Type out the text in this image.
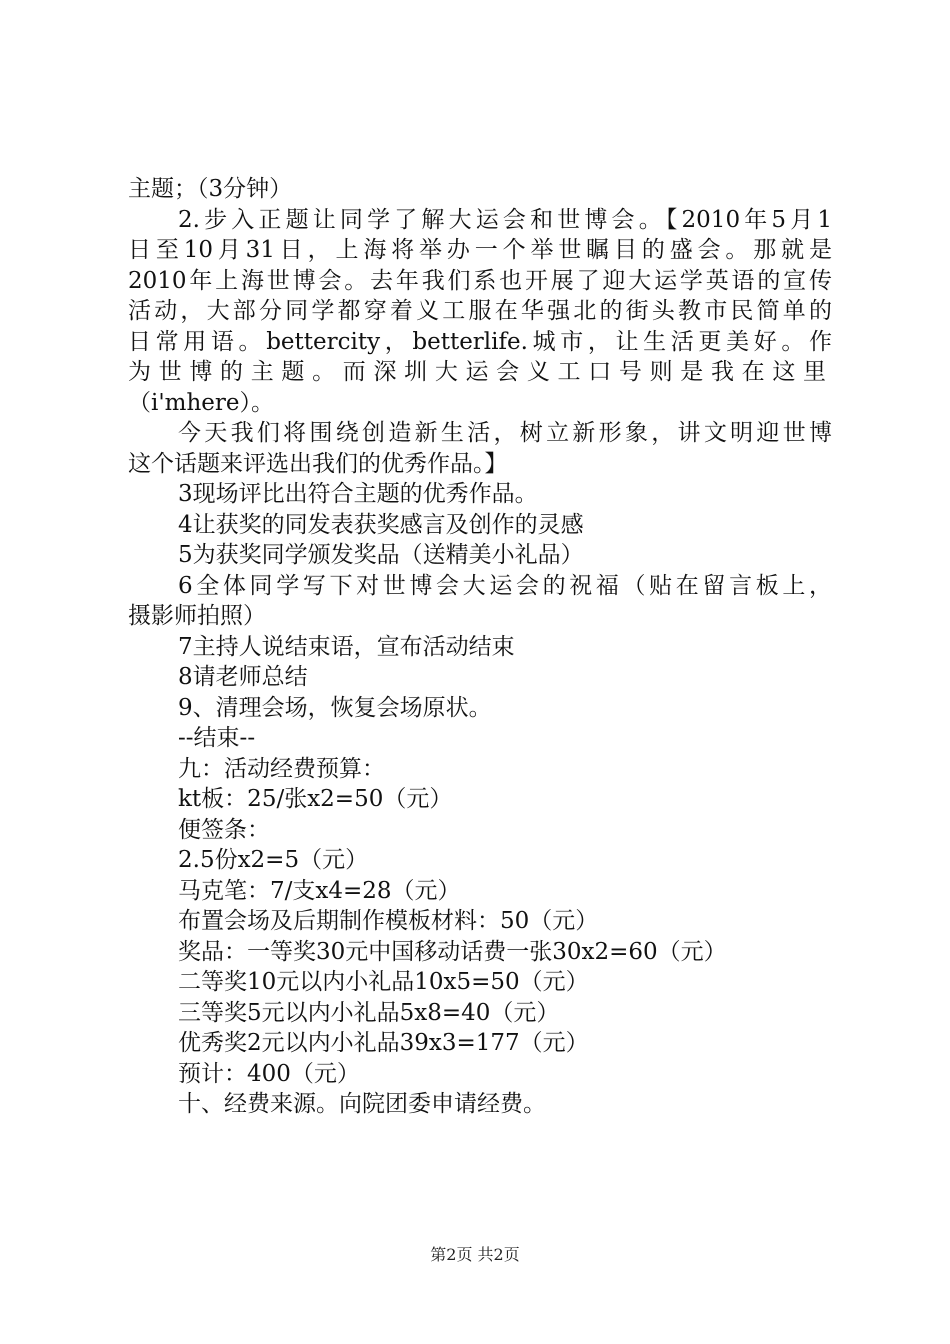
主题；（3分钟）
2.步入正题让同学了解大运会和世博会。【2010年5月1
日至10月31日，上海将举办一个举世瞩目的盛会。那就是
2010年上海世博会。去年我们系也开展了迎大运学英语的宣传
活动，大部分同学都穿着义工服在华强北的街头教市民简单的
日常用语。bettercity，betterlife.城市，让生活更美好。作
为世博的主题。而深圳大运会义工口号则是我在这里
（i'mhere）。
今天我们将围绕创造新生活，树立新形象，讲文明迎世博
这个话题来评选出我们的优秀作品。】
3现场评比出符合主题的优秀作品。
4让获奖的同发表获奖感言及创作的灵感
5为获奖同学颁发奖品（送精美小礼品）
6全体同学写下对世博会大运会的祝福（贴在留言板上，
摄影师拍照）
7主持人说结束语，宣布活动结束
8请老师总结
9、清理会场，恢复会场原状。
--结束--
九：活动经费预算：
kt板：25/张x2=50（元）
便签条：
2.5份x2=5（元）
马克笔：7/支x4=28（元）
布置会场及后期制作模板材料：50（元）
奖品：一等奖30元中国移动话费一张30x2=60（元）
二等奖10元以内小礼品10x5=50（元）
三等奖5元以内小礼品5x8=40（元）
优秀奖2元以内小礼品39x3=177（元）
预计：400（元）
十、经费来源。向院团委申请经费。
第2页 共2页
